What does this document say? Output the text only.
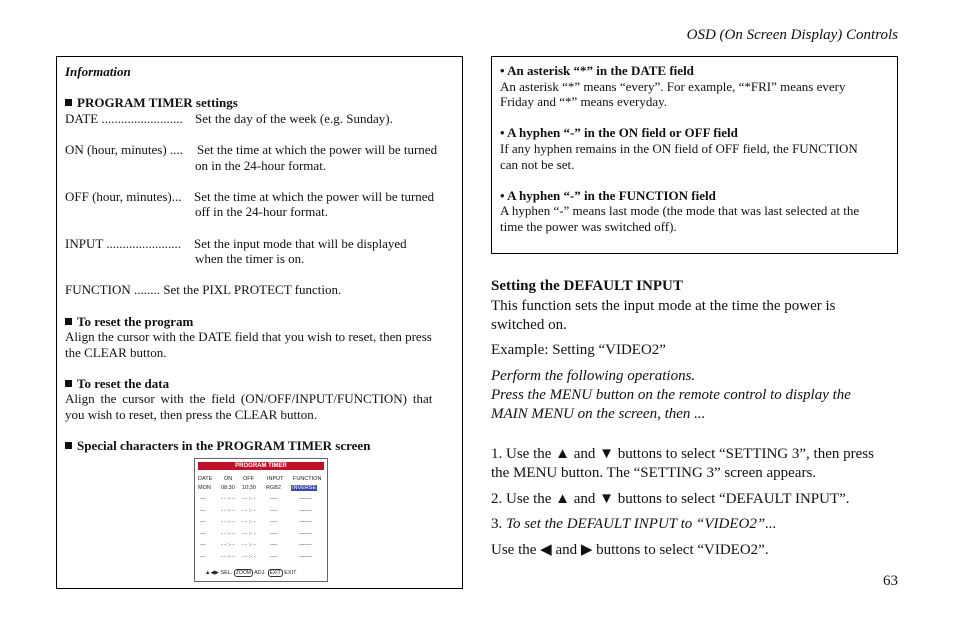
OSD (On Screen Display) Controls
Information
PROGRAM TIMER settings
DATE ......................... Set the day of the week (e.g. Sunday).
ON (hour, minutes) .... Set the time at which the power will be turned
on in the 24-hour format.
OFF (hour, minutes)... Set the time at which the power will be turned
off in the 24-hour format.
INPUT ....................... Set the input mode that will be displayed
when the timer is on.
FUNCTION ........ Set the PIXL PROTECT function.
To reset the program
Align the cursor with the DATE field that you wish to reset, then press
the CLEAR button.
To reset the data
Align the cursor with the field (ON/OFF/INPUT/FUNCTION) that
you wish to reset, then press the CLEAR button.
Special characters in the PROGRAM TIMER screen
PROGRAM TIMER
DATE ON OFF INPUT FUNCTION
MON 08:30 10:30 RGB2 INVERSE
---	- - :- - - - :- -	----	-------
---	- - :- - - - :- -	----	-------
---	- - :- - - - :- -	----	-------
---	- - :- - - - :- -	----	-------
---	- - :- - - - :- -	----	-------
---	- - :- - - - :- -	----	-------
▲◀▶ SEL. ZOOM ADJ. EXIT EXIT
• An asterisk “*” in the DATE field
An asterisk “*” means “every”. For example, “*FRI” means every
Friday and “*” means everyday.
• A hyphen “-” in the ON field or OFF field
If any hyphen remains in the ON field of OFF field, the FUNCTION
can not be set.
• A hyphen “-” in the FUNCTION field
A hyphen “-” means last mode (the mode that was last selected at the
time the power was switched off).
Setting the DEFAULT INPUT
This function sets the input mode at the time the power is
switched on.
Example: Setting “VIDEO2”
Perform the following operations.
Press the MENU button on the remote control to display the
MAIN MENU on the screen, then ...
1. Use the ▲ and ▼ buttons to select “SETTING 3”, then press
the MENU button. The “SETTING 3” screen appears.
2. Use the ▲ and ▼ buttons to select “DEFAULT INPUT”.
3. To set the DEFAULT INPUT to “VIDEO2”...
Use the ◀ and ▶ buttons to select “VIDEO2”.
63
